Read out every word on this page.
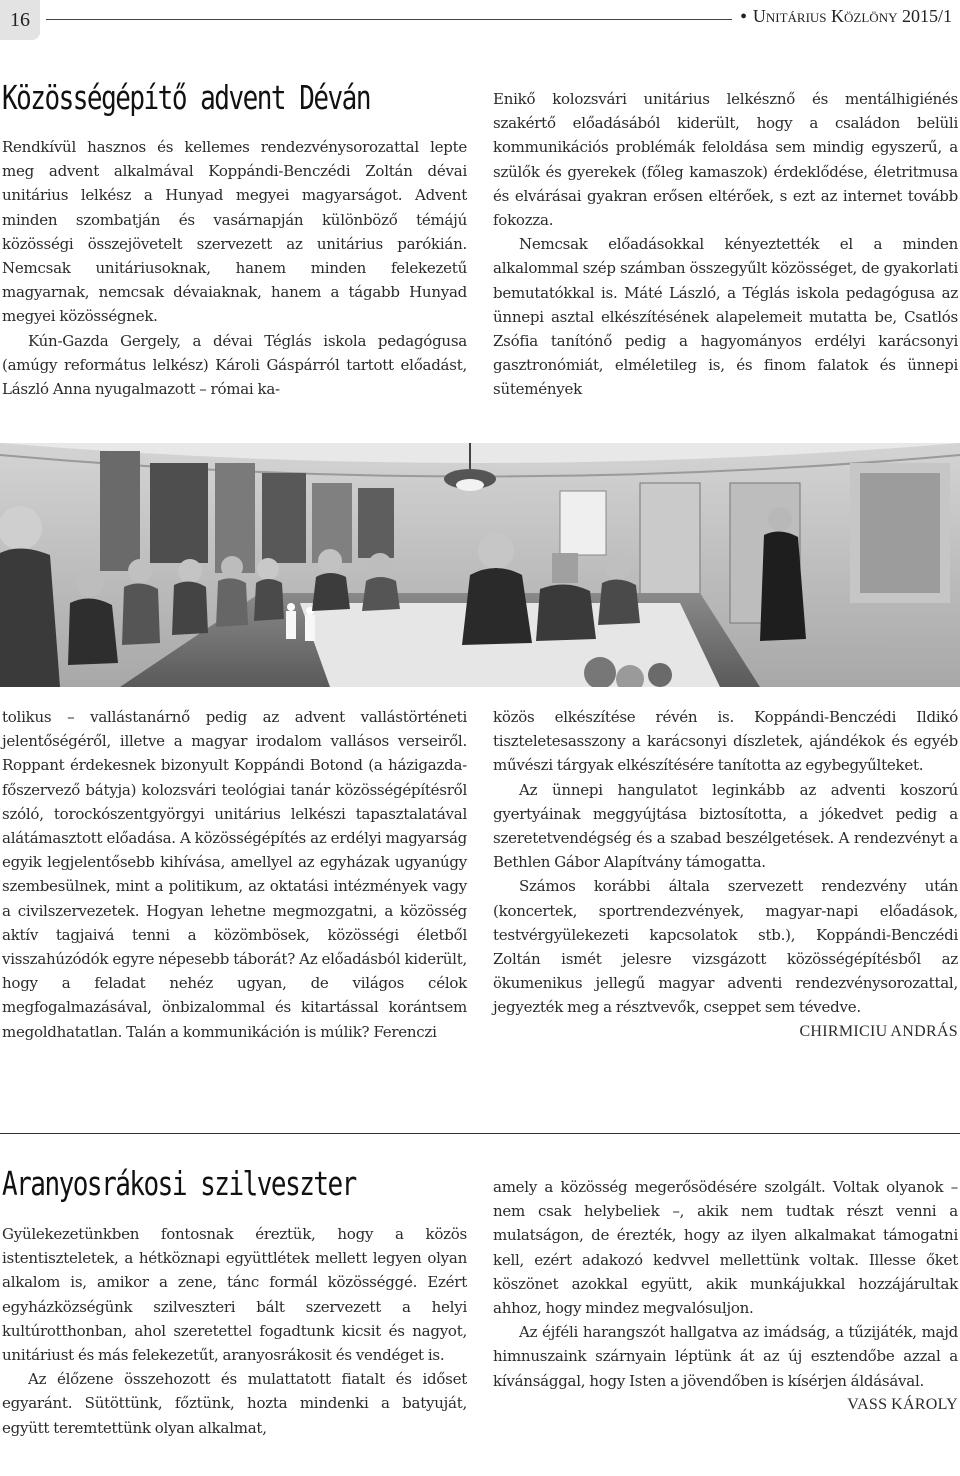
16	● Unitárius Közlöny 2015/1
Közösségépítő advent Déván

Rendkívül hasznos és kellemes rendezvénysorozattal lepte meg advent alkalmával Koppándi-Benczédi Zoltán dévai unitárius lelkész a Hunyad megyei magyarságot. Advent minden szombatján és vasárnapján különböző témájú közösségi összejövetelt szervezett az unitárius parókián. Nemcsak unitáriusoknak, hanem minden felekezetű magyarnak, nemcsak dévaiaknak, hanem a tágabb Hunyad megyei közösségnek.

Kún-Gazda Gergely, a dévai Téglás iskola pedagógusa (amúgy református lelkész) Károli Gáspárról tartott előadást, László Anna nyugalmazott – római ka-

Enikő kolozsvári unitárius lelkésznő és mentálhigiénés szakértő előadásából kiderült, hogy a családon belüli kommunikációs problémák feloldása sem mindig egyszerű, a szülők és gyerekek (főleg kamaszok) érdeklődése, életritmusa és elvárásai gyakran erősen eltérőek, s ezt az internet tovább fokozza.

Nemcsak előadásokkal kényeztették el a minden alkalommal szép számban összegyűlt közösséget, de gyakorlati bemutatókkal is. Máté László, a Téglás iskola pedagógusa az ünnepi asztal elkészítésének alapelemeit mutatta be, Csatlós Zsófia tanítónő pedig a hagyományos erdélyi karácsonyi gasztronómiát, elméletileg is, és finom falatok és ünnepi sütemények

tolikus – vallástanárnő pedig az advent vallástörténeti jelentőségéről, illetve a magyar irodalom vallásos verseiről. Roppant érdekesnek bizonyult Koppándi Botond (a házigazda-főszervező bátyja) kolozsvári teológiai tanár közösségépítésről szóló, torockószentgyörgyi unitárius lelkészi tapasztalatával alátámasztott előadása. A közösségépítés az erdélyi magyarság egyik legjelentősebb kihívása, amellyel az egyházak ugyanúgy szembesülnek, mint a politikum, az oktatási intézmények vagy a civilszervezetek. Hogyan lehetne megmozgatni, a közösség aktív tagjaivá tenni a közömbösek, közösségi életből visszahúzódók egyre népesebb táborát? Az előadásból kiderült, hogy a feladat nehéz ugyan, de világos célok megfogalmazásával, önbizalommal és kitartással korántsem megoldhatatlan. Talán a kommunikáción is múlik? Ferenczi

közös elkészítése révén is. Koppándi-Benczédi Ildikó tiszteletesasszony a karácsonyi díszletek, ajándékok és egyéb művészi tárgyak elkészítésére tanította az egybegyűlteket.

Az ünnepi hangulatot leginkább az adventi koszorú gyertyáinak meggyújtása biztosította, a jókedvet pedig a szeretetvendégség és a szabad beszélgetések. A rendezvényt a Bethlen Gábor Alapítvány támogatta.

Számos korábbi általa szervezett rendezvény után (koncertek, sportrendezvények, magyar-napi előadások, testvérgyülekezeti kapcsolatok stb.), Koppándi-Benczédi Zoltán ismét jelesre vizsgázott közösségépítésből az ökumenikus jellegű magyar adventi rendezvénysorozattal, jegyezték meg a résztvevők, cseppet sem tévedve.

CHIRMICIU ANDRÁS

Aranyosrákosi szilveszter

Gyülekezetünkben fontosnak éreztük, hogy a közös istentiszteletek, a hétköznapi együttlétek mellett legyen olyan alkalom is, amikor a zene, tánc formál közösséggé. Ezért egyházközségünk szilveszteri bált szervezett a helyi kultúrotthonban, ahol szeretettel fogadtunk kicsit és nagyot, unitáriust és más felekezetűt, aranyosrákosit és vendéget is.

Az élőzene összehozott és mulattatott fiatalt és időset egyaránt. Sütöttünk, főztünk, hozta mindenki a batyuját, együtt teremtettünk olyan alkalmat,

amely a közösség megerősödésére szolgált. Voltak olyanok – nem csak helybeliek –, akik nem tudtak részt venni a mulatságon, de érezték, hogy az ilyen alkalmakat támogatni kell, ezért adakozó kedvvel mellettünk voltak. Illesse őket köszönet azokkal együtt, akik munkájukkal hozzájárultak ahhoz, hogy mindez megvalósuljon.

Az éjféli harangszót hallgatva az imádság, a tűzijáték, majd himnuszaink szárnyain léptünk át az új esztendőbe azzal a kívánsággal, hogy Isten a jövendőben is kísérjen áldásával.

VASS KÁROLY
